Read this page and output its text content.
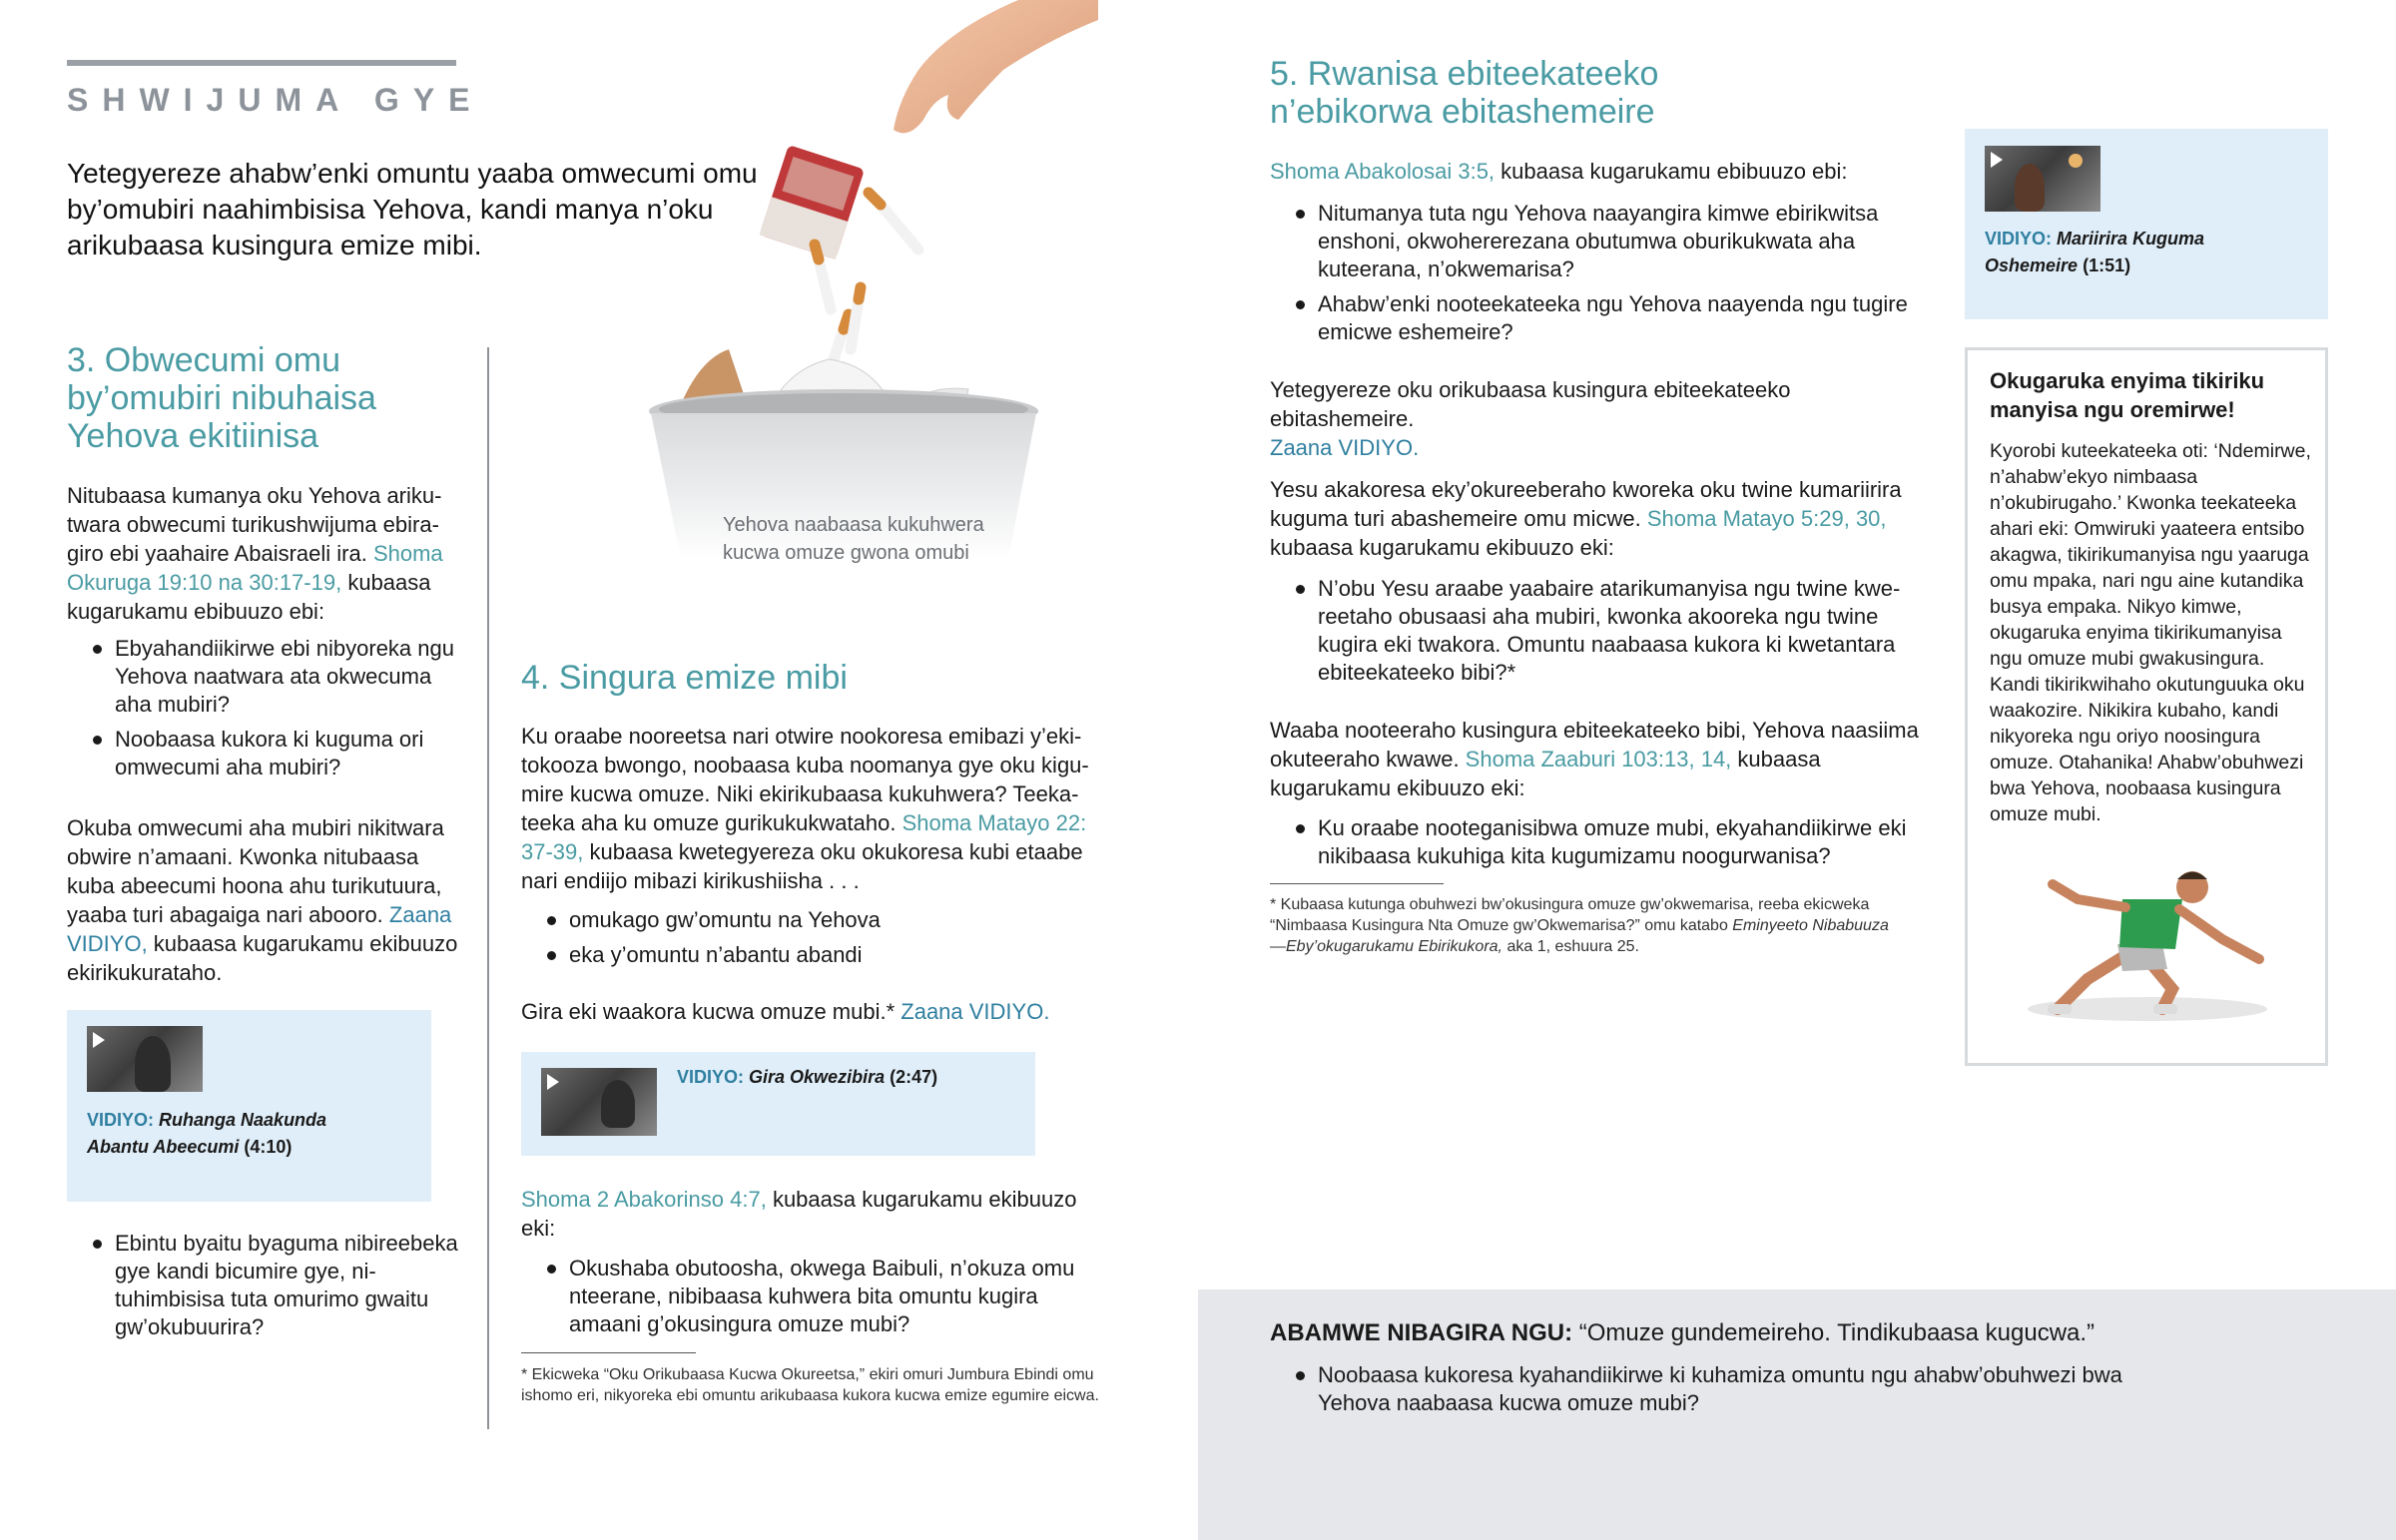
SHWIJUMA GYE
Yetegyereze ahabw’enki omuntu yaaba omwecumi omu by’omubiri naahimbisisa Yehova, kandi manya n’oku arikubaasa kusingura emize mibi.
Yehova naabaasa kukuhwera
kucwa omuze gwona omubi
3. Obwecumi omu
by’omubiri nibuhaisa
Yehova ekitiinisa

Nitubaasa kumanya oku Yehova arikutwara obwecumi turikushwijuma ebiragiro ebi yaahaire Abaisraeli ira. Shoma Okuruga 19:10 na 30:17-19, kubaasa kugarukamu ebibuuzo ebi:

Ebyahandiikirwe ebi nibyoreka ngu Yehova naatwara ata okwecuma aha mubiri?
Noobaasa kukora ki kuguma ori omwecumi aha mubiri?

Okuba omwecumi aha mubiri nikitwara obwire n’amaani. Kwonka nitubaasa kuba abeecumi hoona ahu turikutuura, yaaba turi abagaiga nari abooro. Zaana VIDIYO, kubaasa kugarukamu ekibuuzo ekirikukurataho.

VIDIYO: Ruhanga Naakunda
Abantu Abeecumi (4:10)
Ebintu byaitu byaguma nibireebeka gye kandi bicumire gye, nituhimbisisa tuta omurimo gwaitu gw’okubuurira?
4. Singura emize mibi

Ku oraabe nooreetsa nari otwire nookoresa emibazi y’ekitokooza bwongo, noobaasa kuba noomanya gye oku kigumire kucwa omuze. Niki ekirikubaasa kukuhwera? Teekateeka aha ku omuze gurikukukwataho. Shoma Matayo 22: 37-39, kubaasa kwetegyereza oku okukoresa kubi etaabe nari endiijo mibazi kirikushiisha . . .

omukago gw’omuntu na Yehova
eka y’omuntu n’abantu abandi

Gira eki waakora kucwa omuze mubi.* Zaana VIDIYO.

VIDIYO: Gira Okwezibira (2:47)

Shoma 2 Abakorinso 4:7, kubaasa kugarukamu ekibuuzo eki:

Okushaba obutoosha, okwega Baibuli, n’okuza omu nteerane, nibibaasa kuhwera bita omuntu kugira amaani g’okusingura omuze mubi?
* Ekicweka “Oku Orikubaasa Kucwa Okureetsa,” ekiri omuri Jumbura Ebindi omu ishomo eri, nikyoreka ebi omuntu arikubaasa kukora kucwa emize egumire eicwa.
ABAMWE NIBAGIRA NGU: “Omuze gundemeireho. Tindikubaasa kugucwa.”
Noobaasa kukoresa kyahandiikirwe ki kuhamiza omuntu ngu ahabw’obuhwezi bwa Yehova naabaasa kucwa omuze mubi?
5. Rwanisa ebiteekateeko
n’ebikorwa ebitashemeire

Shoma Abakolosai 3:5, kubaasa kugarukamu ebibuuzo ebi:

Nitumanya tuta ngu Yehova naayangira kimwe ebirikwitsa enshoni, okwohererezana obutumwa oburikukwata aha kuteerana, n’okwemarisa?
Ahabw’enki nooteekateeka ngu Yehova naayenda ngu tugire emicwe eshemeire?

Yetegyereze oku orikubaasa kusingura ebiteekateeko ebitashemeire.
Zaana VIDIYO.

Yesu akakoresa eky’okureeberaho kworeka oku twine kumariirira kuguma turi abashemeire omu micwe. Shoma Matayo 5:29, 30, kubaasa kugarukamu ekibuuzo eki:

N’obu Yesu araabe yaabaire atarikumanyisa ngu twine kwereetaho obusaasi aha mubiri, kwonka akooreka ngu twine kugira eki twakora. Omuntu naabaasa kukora ki kwetantara ebiteekateeko bibi?*

Waaba nooteeraho kusingura ebiteekateeko bibi, Yehova naasiima okuteeraho kwawe. Shoma Zaaburi 103:13, 14, kubaasa kugarukamu ekibuuzo eki:

Ku oraabe nooteganisibwa omuze mubi, ekyahandiikirwe eki nikibaasa kukuhiga kita kugumizamu noogurwanisa?
* Kubaasa kutunga obuhwezi bw’okusingura omuze gw’okwemarisa, reeba ekicweka “Nimbaasa Kusingura Nta Omuze gw’Okwemarisa?” omu katabo Eminyeeto Nibabuuza—Eby’okugarukamu Ebirikukora, aka 1, eshuura 25.
VIDIYO: Mariirira Kuguma
Oshemeire (1:51)
Okugaruka enyima tikiriku
manyisa ngu oremirwe!
Kyorobi kuteekateeka oti: ‘Ndemirwe, n’ahabw’ekyo nimbaasa n’okubirugaho.’ Kwonka teekateeka ahari eki: Omwiruki yaateera entsibo akagwa, tikirikumanyisa ngu yaaruga omu mpaka, nari ngu aine kutandika busya empaka. Nikyo kimwe, okugaruka enyima tikirikumanyisa ngu omuze mubi gwakusingura. Kandi tikirikwihaho okutunguuka oku waakozire. Nikikira kubaho, kandi nikyoreka ngu oriyo noosingura omuze. Otahanika! Ahabw’obuhwezi bwa Yehova, noobaasa kusingura omuze mubi.
